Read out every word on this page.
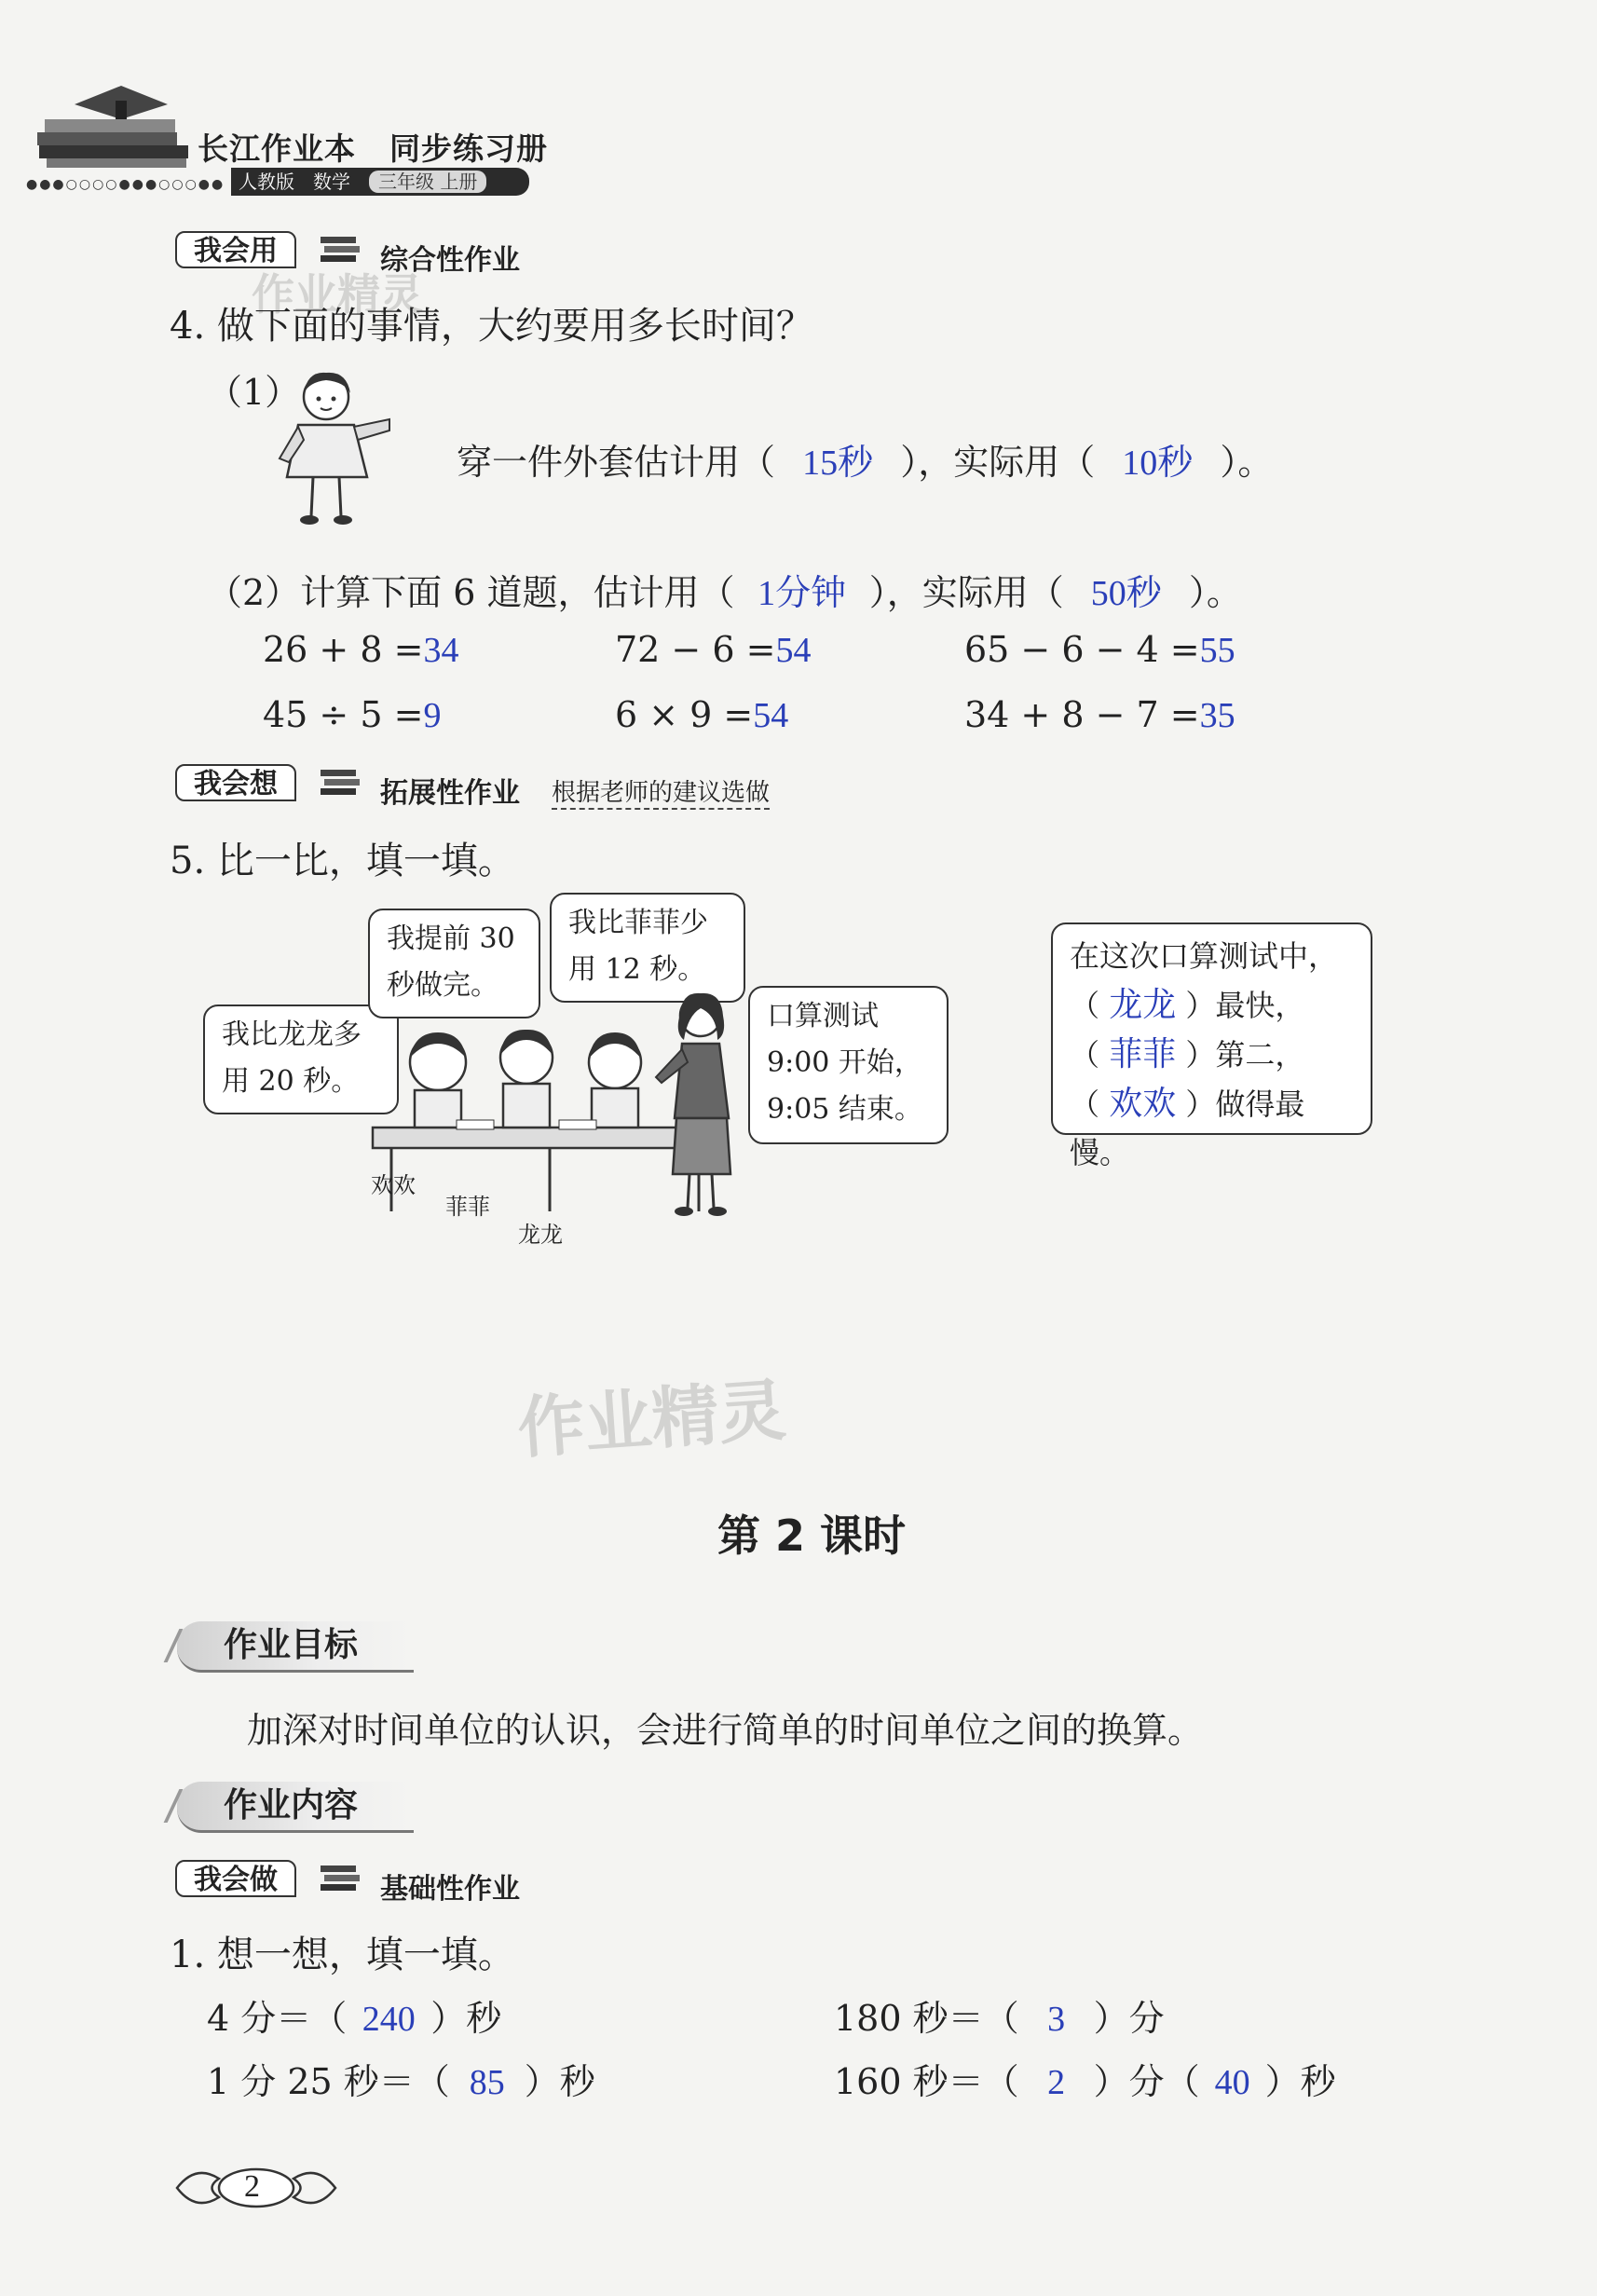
长江作业本 同步练习册
●●●○○○○●●●○○○●● 人教版 数学 三年级 上册
我会用	综合性作业
作业精灵
4. 做下面的事情，大约要用多长时间？
（1）
穿一件外套估计用（ 15秒 ），实际用（ 10秒 ）。
（2）计算下面 6 道题，估计用（ 1分钟 ），实际用（ 50秒 ）。
26 + 8 =34	72 − 6 =54	65 − 6 − 4 =55
45 ÷ 5 =9	6 × 9 =54	34 + 8 − 7 =35
我会想	拓展性作业 根据老师的建议选做
5. 比一比，填一填。
我比龙龙多
用 20 秒。
我提前 30
秒做完。
我比菲菲少
用 12 秒。
口算测试
9:00 开始，
9:05 结束。
欢欢
菲菲
龙龙
在这次口算测试中，
（ 龙龙 ）最快，
（ 菲菲 ）第二，
（ 欢欢 ）做得最慢。
作业精灵
第 2 课时
作业目标
加深对时间单位的认识，会进行简单的时间单位之间的换算。
作业内容
我会做	基础性作业
1. 想一想，填一填。
4 分＝（ 240 ）秒	180 秒＝（ 3 ）分
1 分 25 秒＝（ 85 ）秒	160 秒＝（ 2 ）分（ 40 ）秒
2
